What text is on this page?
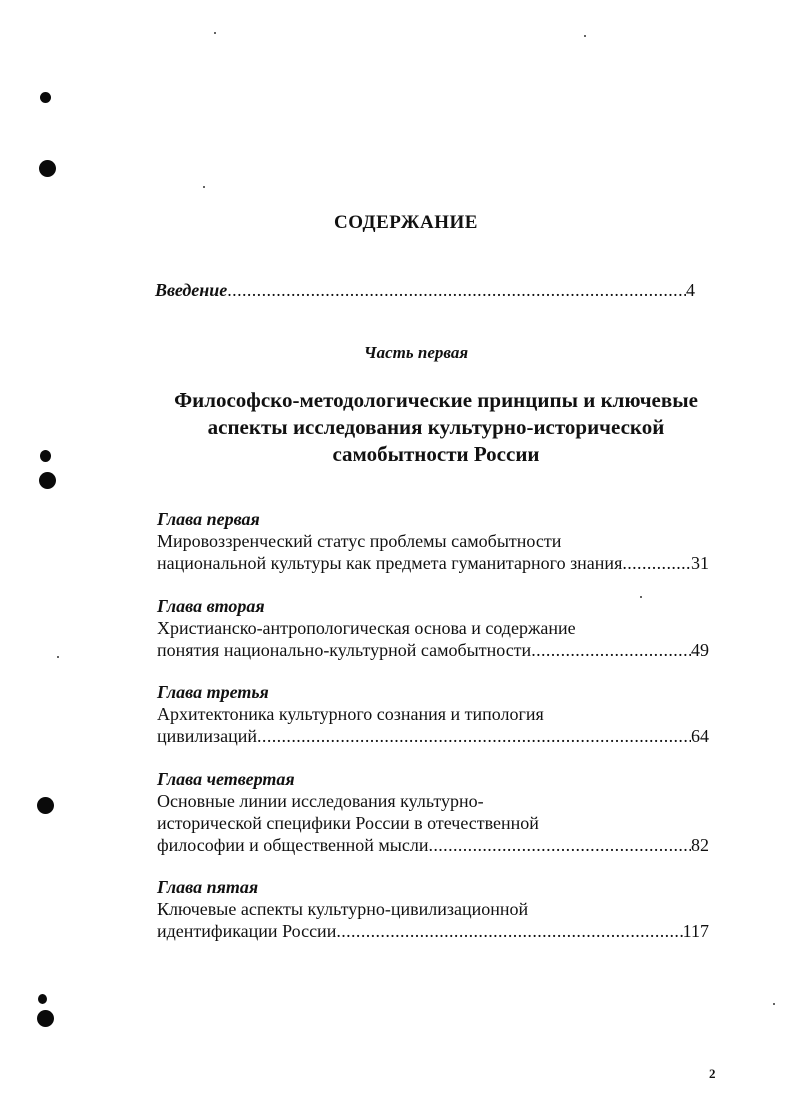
СОДЕРЖАНИЕ
Введение .....	4
Часть первая
Философско-методологические принципы и ключевые
аспекты исследования культурно-исторической
самобытности России
Глава первая
Мировоззренческий статус проблемы самобытности
национальной культуры как предмета гуманитарного знания .....	31
Глава вторая
Христианско-антропологическая основа и содержание
понятия национально-культурной самобытности .....	49
Глава третья
Архитектоника культурного сознания и типология
цивилизаций .....	64
Глава четвертая
Основные линии исследования культурно-
исторической специфики России в отечественной
философии и общественной мысли .....	82
Глава пятая
Ключевые аспекты культурно-цивилизационной
идентификации России .....	117
2
